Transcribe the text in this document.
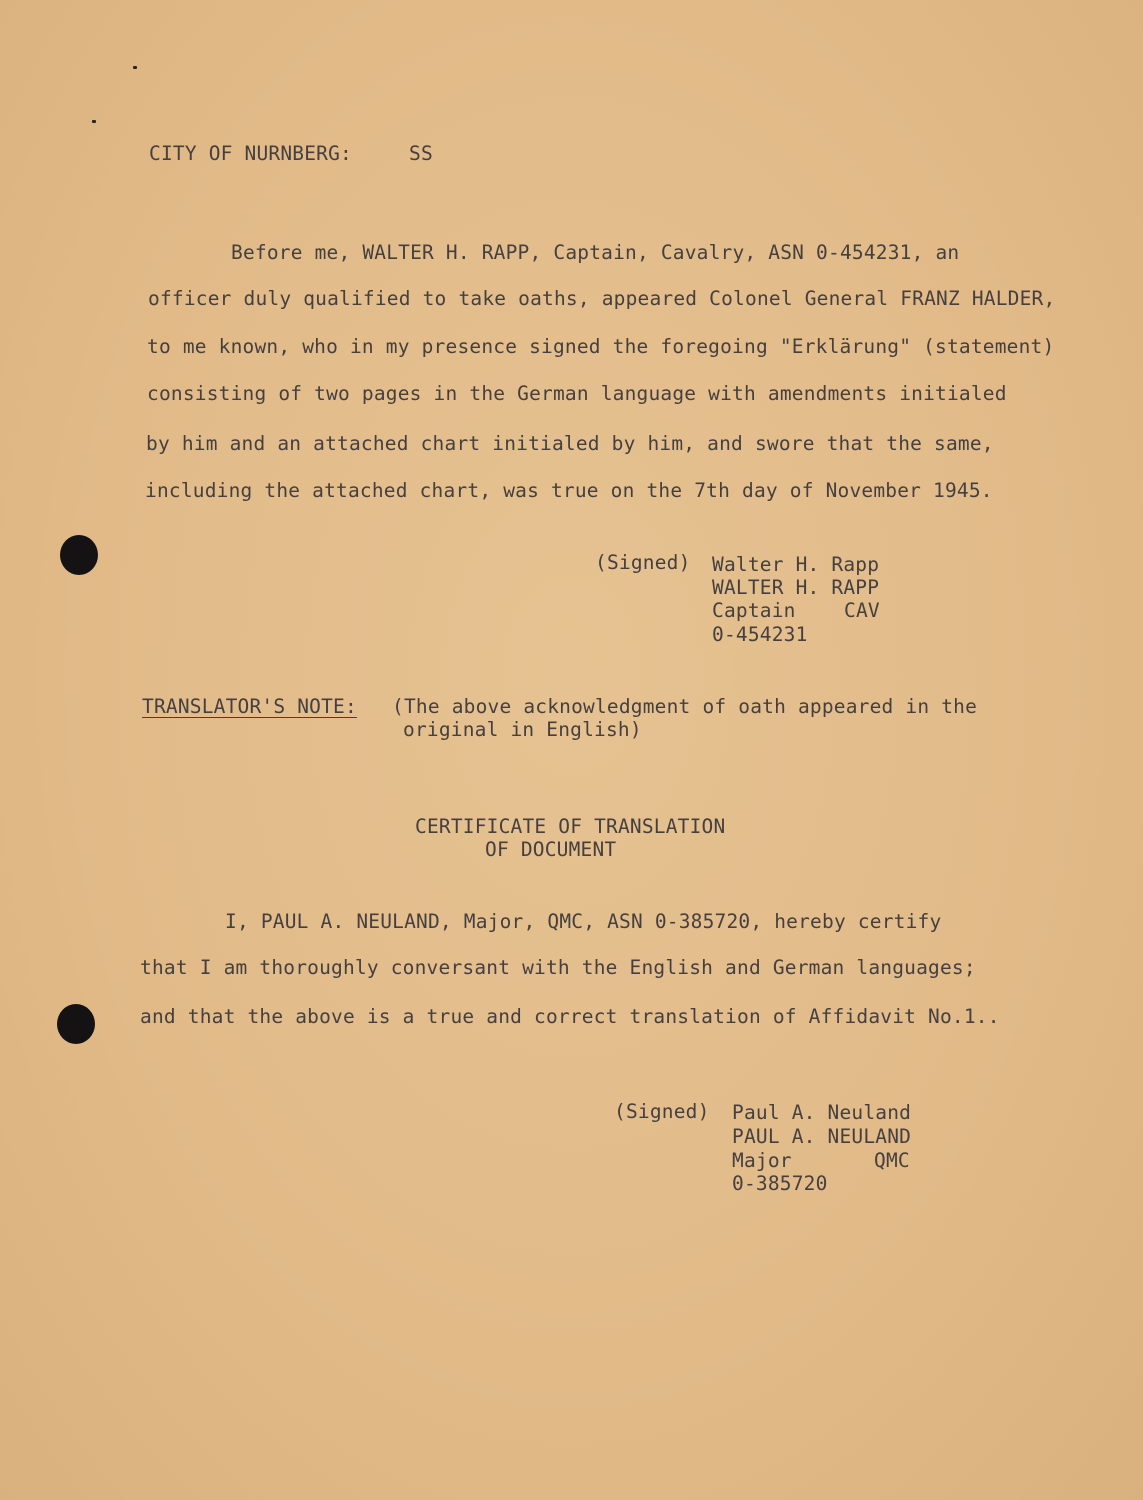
CITY OF NURNBERG:	SS
Before me, WALTER H. RAPP, Captain, Cavalry, ASN 0-454231, an
officer duly qualified to take oaths, appeared Colonel General FRANZ HALDER,
to me known, who in my presence signed the foregoing "Erklärung" (statement)
consisting of two pages in the German language with amendments initialed
by him and an attached chart initialed by him, and swore that the same,
including the attached chart, was true on the 7th day of November 1945.
(Signed) Walter H. Rapp
WALTER H. RAPP
Captain CAV
0-454231
TRANSLATOR'S NOTE: (The above acknowledgment of oath appeared in the
original in English)
CERTIFICATE OF TRANSLATION
OF DOCUMENT
I, PAUL A. NEULAND, Major, QMC, ASN 0-385720, hereby certify
that I am thoroughly conversant with the English and German languages;
and that the above is a true and correct translation of Affidavit No.1..
(Signed) Paul A. Neuland
PAUL A. NEULAND
Major	QMC
0-385720
